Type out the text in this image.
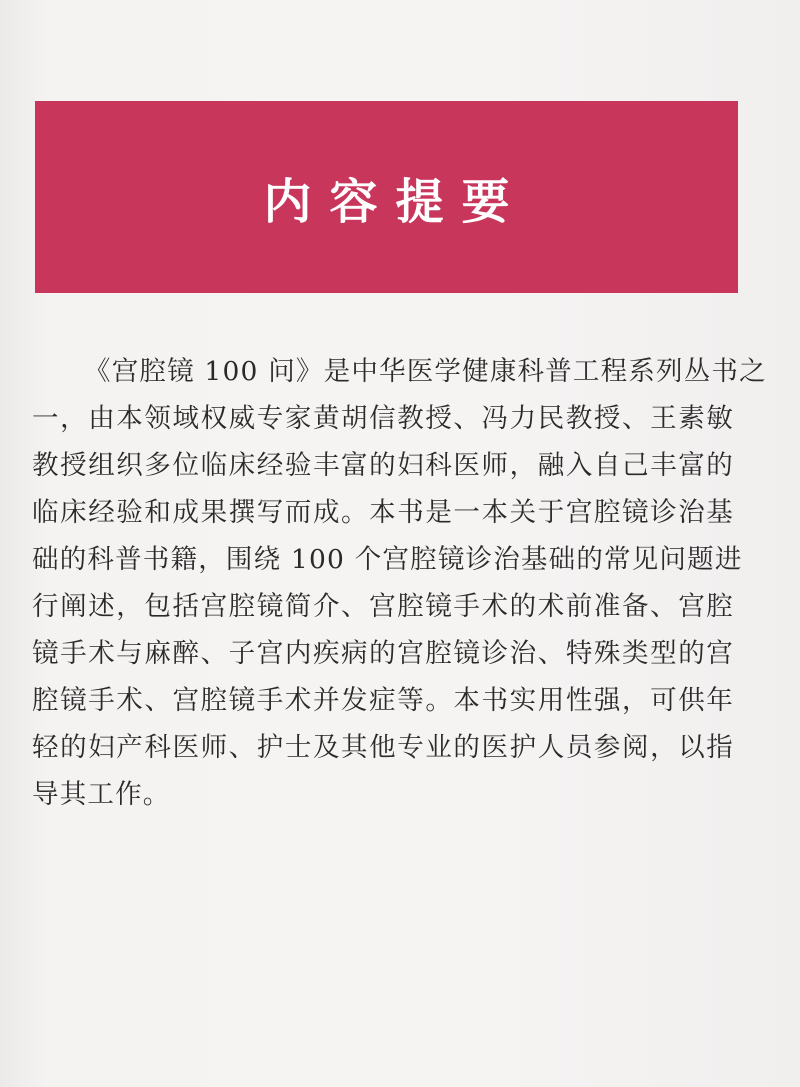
内容提要
《宫腔镜 100 问》是中华医学健康科普工程系列丛书之
一，由本领域权威专家黄胡信教授、冯力民教授、王素敏
教授组织多位临床经验丰富的妇科医师，融入自己丰富的
临床经验和成果撰写而成。本书是一本关于宫腔镜诊治基
础的科普书籍，围绕 100 个宫腔镜诊治基础的常见问题进
行阐述，包括宫腔镜简介、宫腔镜手术的术前准备、宫腔
镜手术与麻醉、子宫内疾病的宫腔镜诊治、特殊类型的宫
腔镜手术、宫腔镜手术并发症等。本书实用性强，可供年
轻的妇产科医师、护士及其他专业的医护人员参阅，以指
导其工作。
